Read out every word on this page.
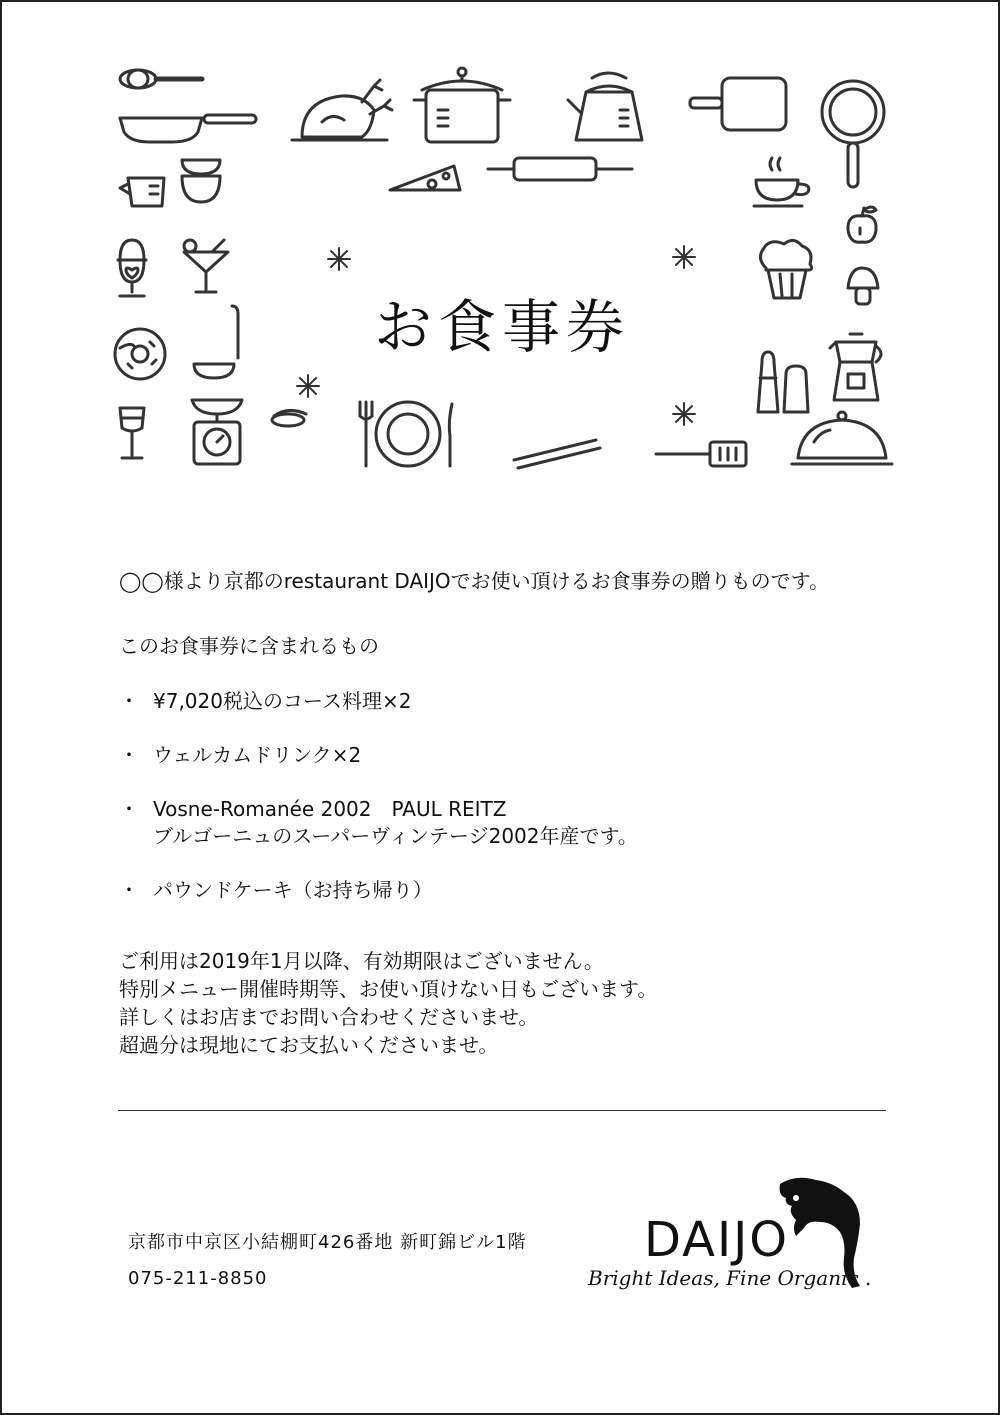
お食事券

◯◯様より京都のrestaurant DAIJOでお使い頂けるお食事券の贈りものです。

このお食事券に含まれるもの

・ ¥7,020税込のコース料理×2
・ ウェルカムドリンク×2
・ Vosne-Romanée 2002　PAUL REITZ
ブルゴーニュのスーパーヴィンテージ2002年産です。
・ パウンドケーキ（お持ち帰り）
ご利用は2019年1月以降、有効期限はございません。
特別メニュー開催時期等、お使い頂けない日もございます。
詳しくはお店までお問い合わせくださいませ。
超過分は現地にてお支払いくださいませ。
京都市中京区小結棚町426番地 新町錦ビル1階
075-211-8850
DAIJO
Bright Ideas, Fine Organic .
